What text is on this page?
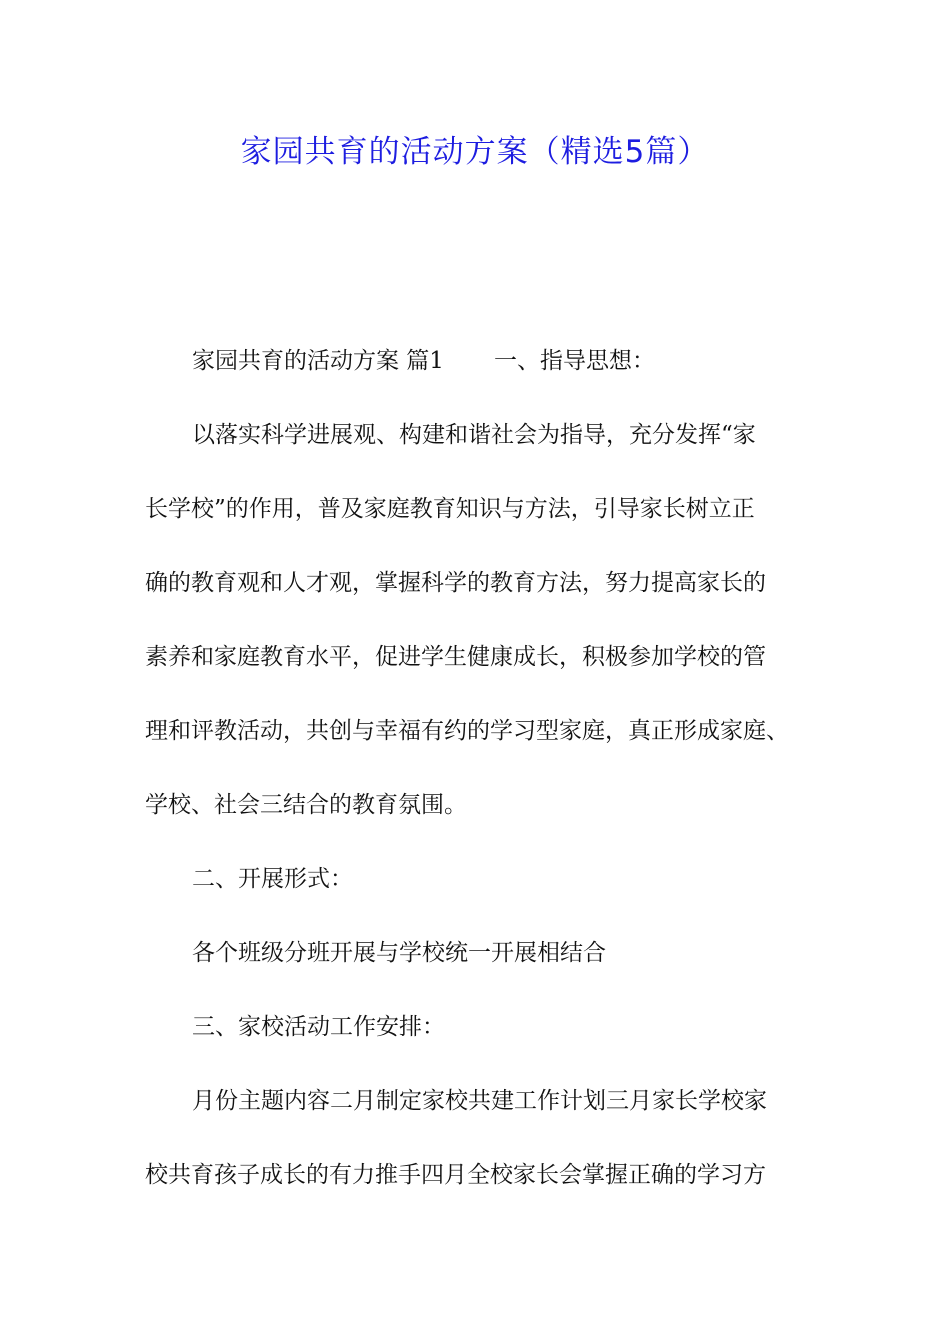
家园共育的活动方案（精选5篇）
家园共育的活动方案 篇1 一、指导思想：
以落实科学进展观、构建和谐社会为指导，充分发挥“家
长学校”的作用，普及家庭教育知识与方法，引导家长树立正
确的教育观和人才观，掌握科学的教育方法，努力提高家长的
素养和家庭教育水平，促进学生健康成长，积极参加学校的管
理和评教活动，共创与幸福有约的学习型家庭，真正形成家庭、
学校、社会三结合的教育氛围。
二、开展形式：
各个班级分班开展与学校统一开展相结合
三、家校活动工作安排：
月份主题内容二月制定家校共建工作计划三月家长学校家
校共育孩子成长的有力推手四月全校家长会掌握正确的学习方
